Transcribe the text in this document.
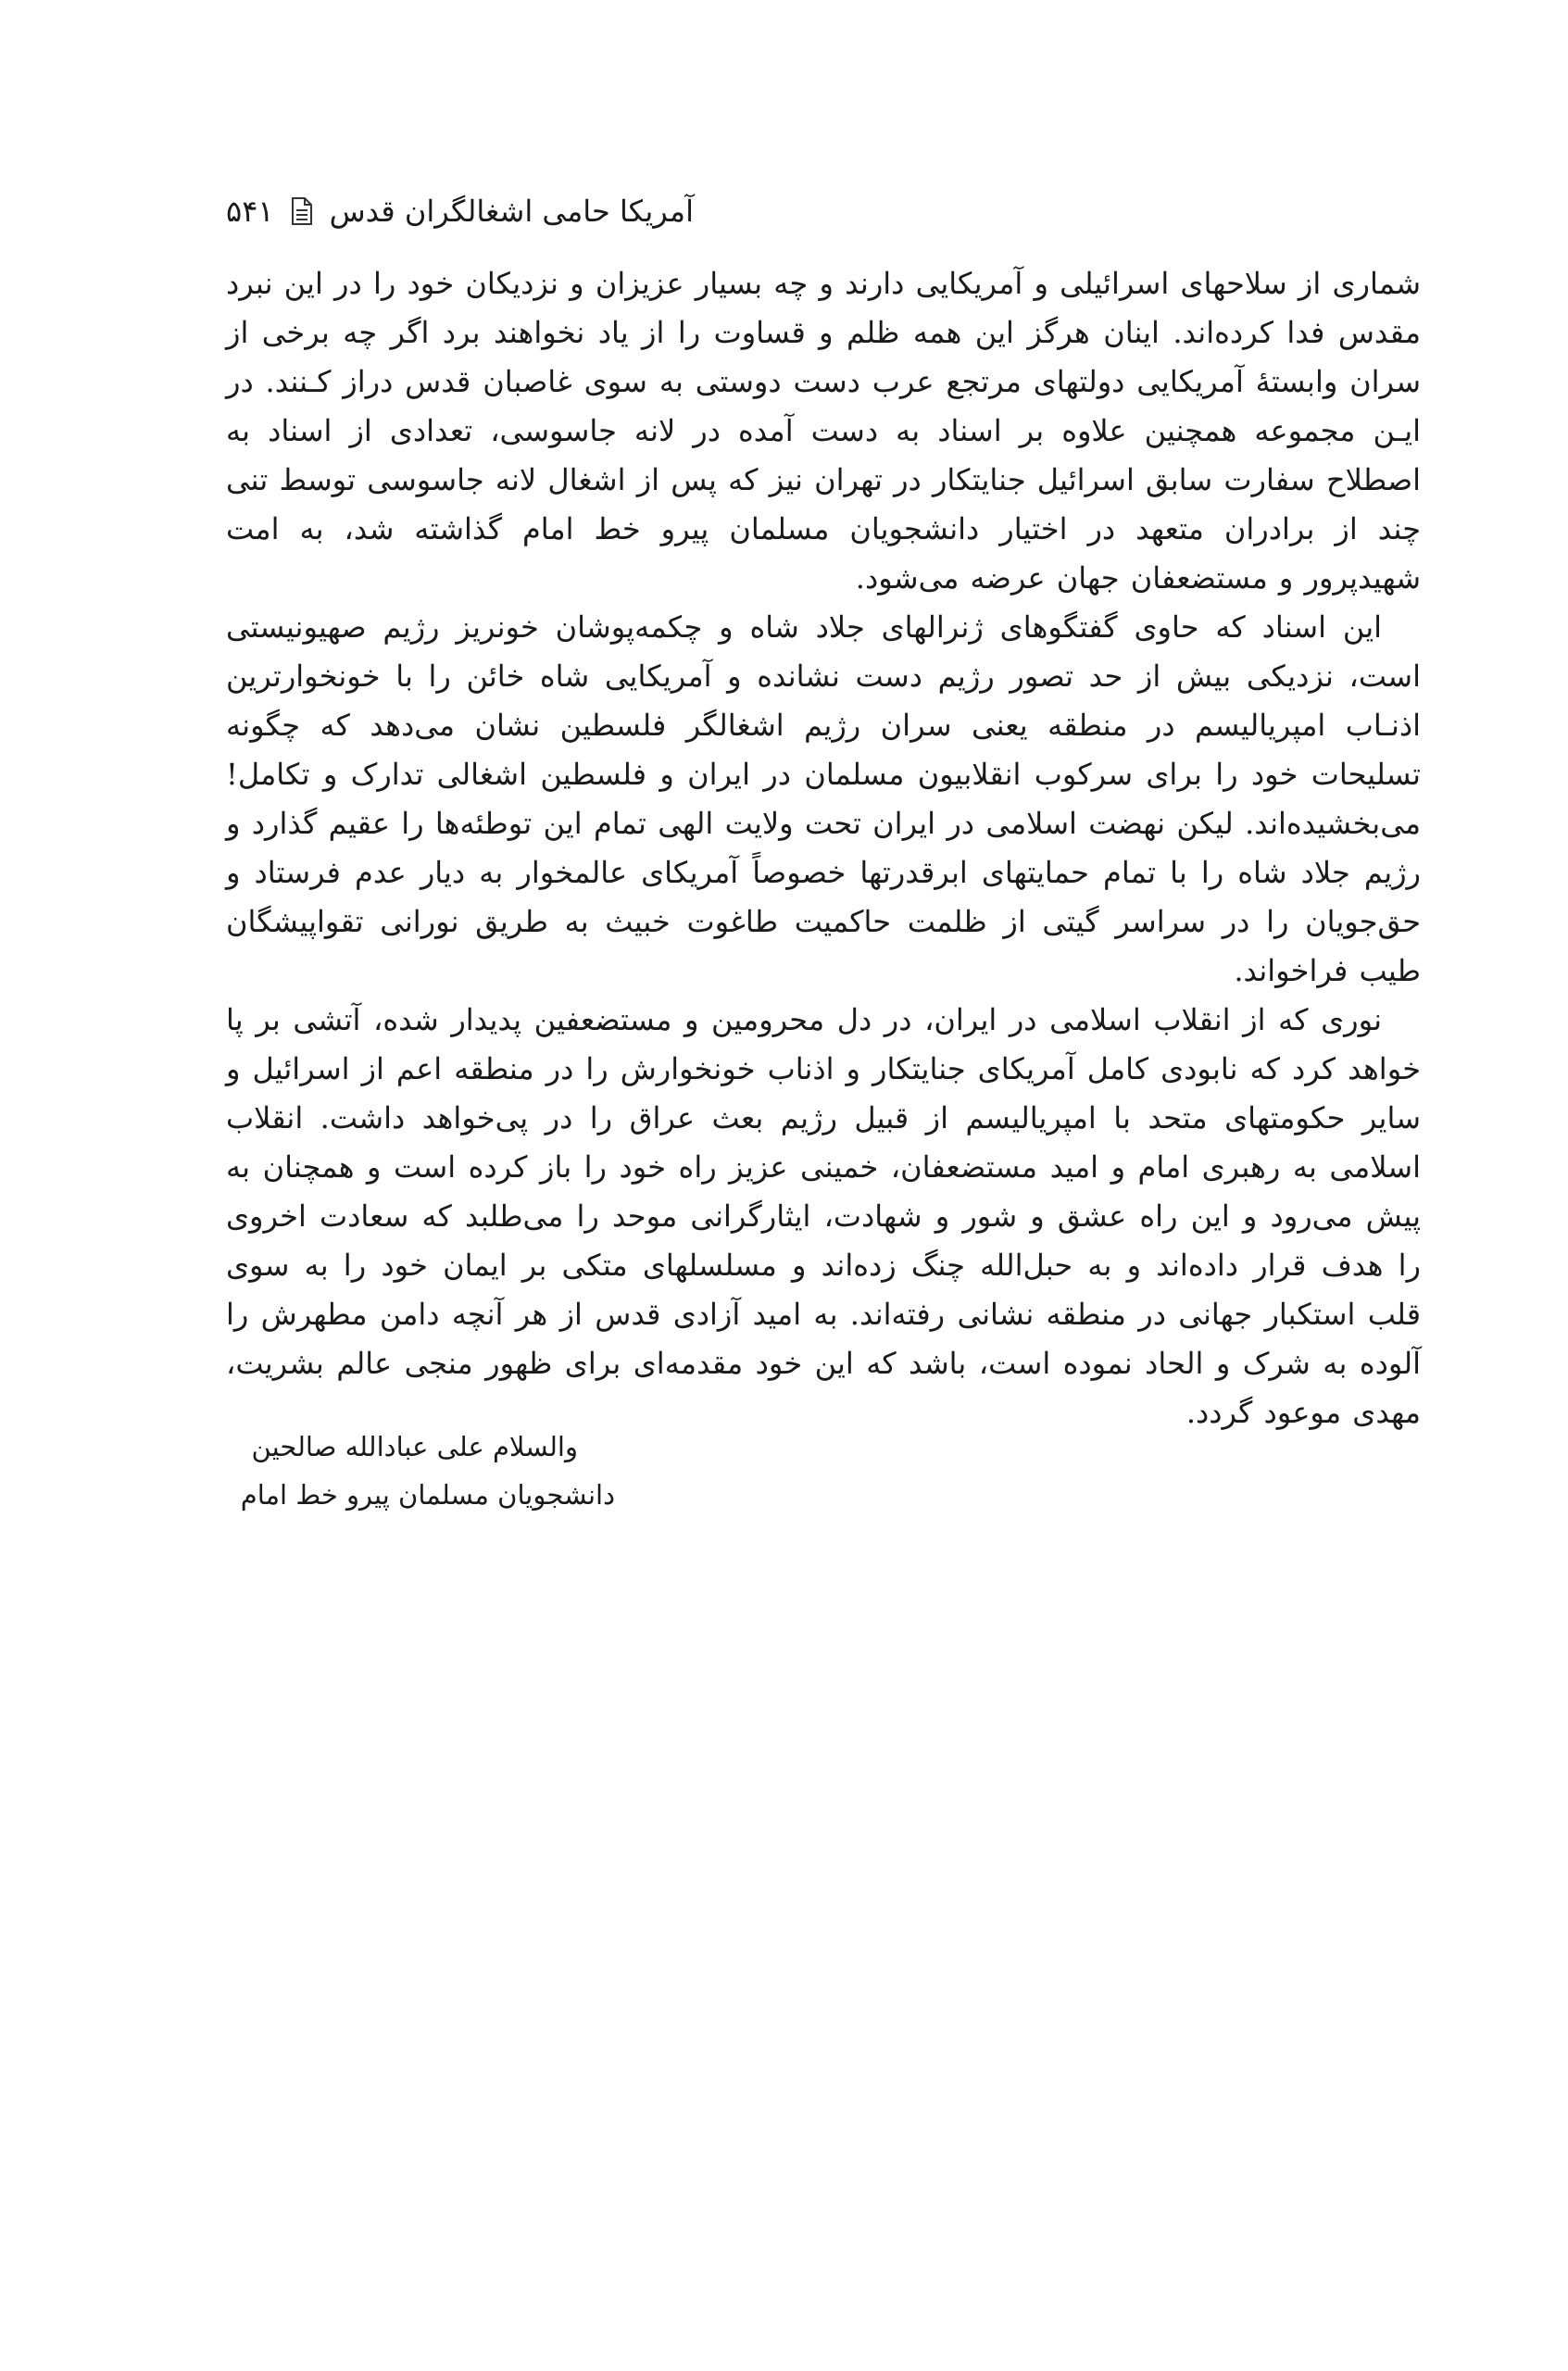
۵۴۱ آمریکا حامی اشغالگران قدس

شماری از سلاحهای اسرائیلی و آمریکایی دارند و چه بسیار عزیزان و نزدیکان خود را در این نبرد مقدس فدا کرده‌اند. اینان هرگز این همه ظلم و قساوت را از یاد نخواهند برد اگر چه برخی از سران وابستهٔ آمریکایی دولتهای مرتجع عرب دست دوستی به سوی غاصبان قدس دراز کـنند. در ایـن مجموعه همچنین علاوه بر اسناد به دست آمده در لانه جاسوسی، تعدادی از اسناد به اصطلاح سفارت سابق اسرائیل جنایتکار در تهران نیز که پس از اشغال لانه جاسوسی توسط تنی چند از برادران متعهد در اختیار دانشجویان مسلمان پیرو خط امام گذاشته شد، به امت شهیدپرور و مستضعفان جهان عرضه می‌شود.

این اسناد که حاوی گفتگوهای ژنرالهای جلاد شاه و چکمه‌پوشان خونریز رژیم صهیونیستی است، نزدیکی بیش از حد تصور رژیم دست نشانده و آمریکایی شاه خائن را با خونخوارترین اذنـاب امپریالیسم در منطقه یعنی سران رژیم اشغالگر فلسطین نشان می‌دهد که چگونه تسلیحات خود را برای سرکوب انقلابیون مسلمان در ایران و فلسطین اشغالی تدارک و تکامل! می‌بخشیده‌اند. لیکن نهضت اسلامی در ایران تحت ولایت الهی تمام این توطئه‌ها را عقیم گذارد و رژیم جلاد شاه را با تمام حمایتهای ابرقدرتها خصوصاً آمریکای عالمخوار به دیار عدم فرستاد و حق‌جویان را در سراسر گیتی از ظلمت حاکمیت طاغوت خبیث به طریق نورانی تقواپیشگان طیب فراخواند.

نوری که از انقلاب اسلامی در ایران، در دل محرومین و مستضعفین پدیدار شده، آتشی بر پا خواهد کرد که نابودی کامل آمریکای جنایتکار و اذناب خونخوارش را در منطقه اعم از اسرائیل و سایر حکومتهای متحد با امپریالیسم از قبیل رژیم بعث عراق را در پی‌خواهد داشت. انقلاب اسلامی به رهبری امام و امید مستضعفان، خمینی عزیز راه خود را باز کرده است و همچنان به پیش می‌رود و این راه عشق و شور و شهادت، ایثارگرانی موحد را می‌طلبد که سعادت اخروی را هدف قرار داده‌اند و به حبل‌الله چنگ زده‌اند و مسلسلهای متکی بر ایمان خود را به سوی قلب استکبار جهانی در منطقه نشانی رفته‌اند. به امید آزادی قدس از هر آنچه دامن مطهرش را آلوده به شرک و الحاد نموده است، باشد که این خود مقدمه‌ای برای ظهور منجی عالم بشریت، مهدی موعود گردد.

والسلام علی عبادالله صالحین
دانشجویان مسلمان پیرو خط امام
